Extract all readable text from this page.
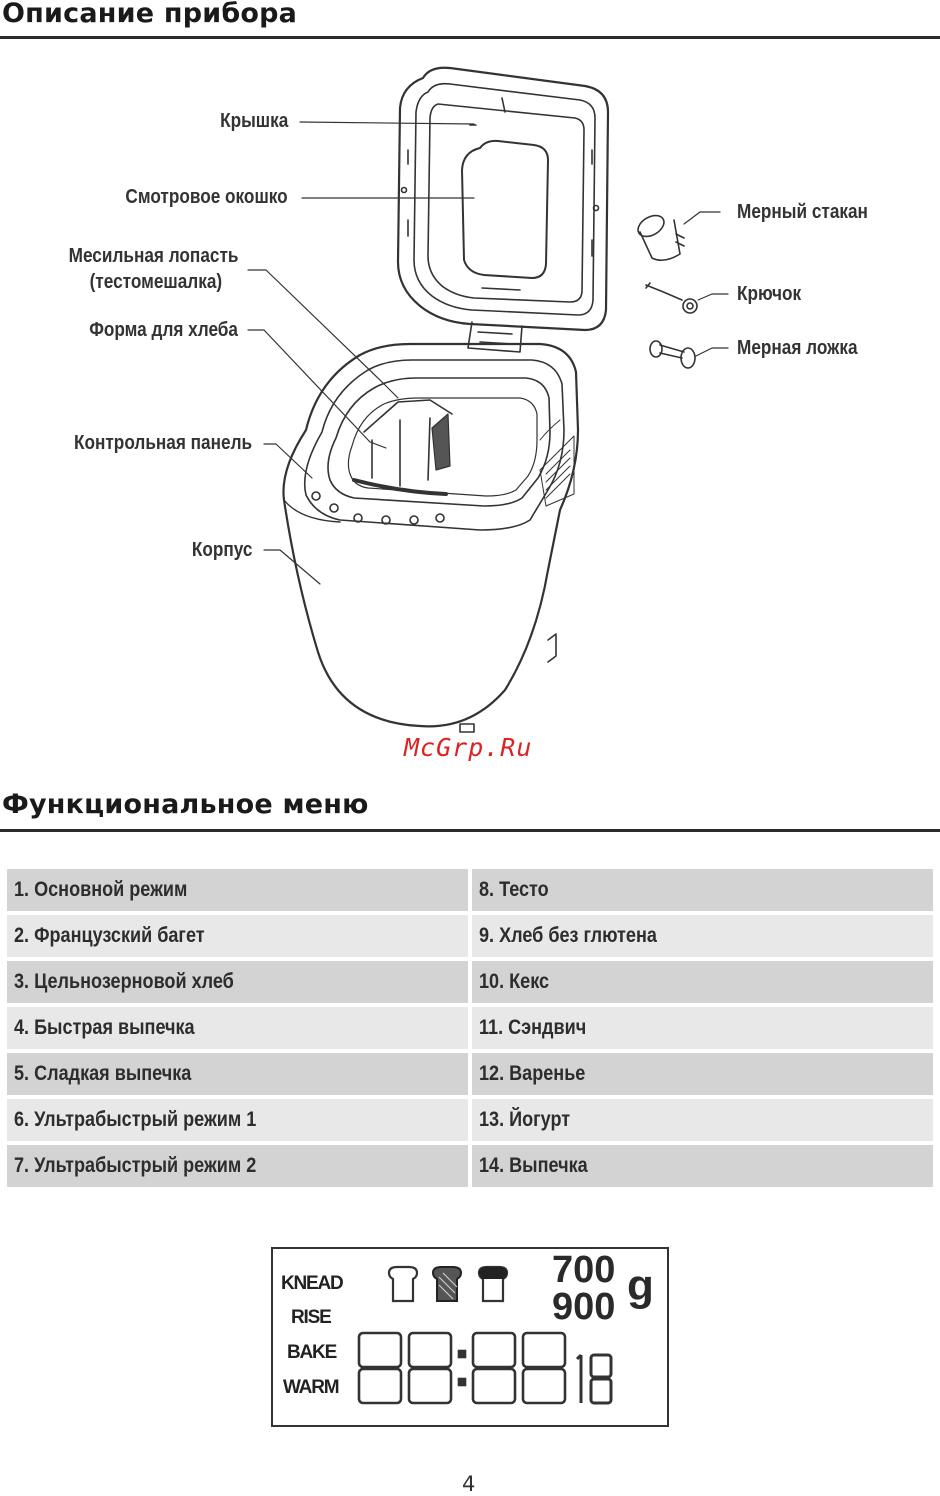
Описание прибора
Крышка
Смотровое окошко
Месильная лопасть
(тестомешалка)
Форма для хлеба
Контрольная панель
Корпус
Мерный стакан
Крючок
Мерная ложка
McGrp.Ru
Функциональное меню
1. Основной режим	8. Тесто
2. Французский багет	9. Хлеб без глютена
3. Цельнозерновой хлеб	10. Кекс
4. Быстрая выпечка	11. Сэндвич
5. Сладкая выпечка	12. Варенье
6. Ультрабыстрый режим 1	13. Йогурт
7. Ультрабыстрый режим 2	14. Выпечка
KNEAD
RISE
BAKE
WARM
700
900 g
4
